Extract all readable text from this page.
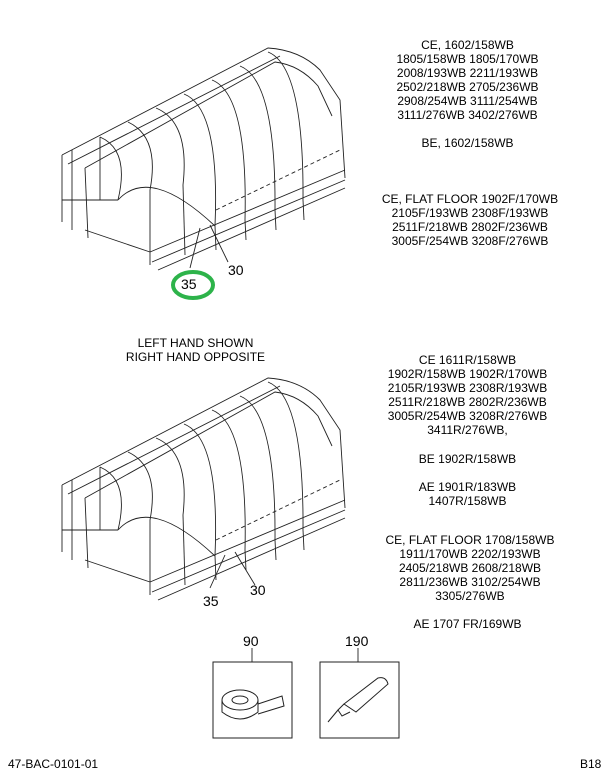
CE, 1602/158WB
1805/158WB 1805/170WB
2008/193WB 2211/193WB
2502/218WB 2705/236WB
2908/254WB 3111/254WB
3111/276WB 3402/276WB
BE, 1602/158WB
CE, FLAT FLOOR 1902F/170WB
2105F/193WB 2308F/193WB
2511F/218WB 2802F/236WB
3005F/254WB 3208F/276WB
LEFT HAND SHOWN
RIGHT HAND OPPOSITE	CE 1611R/158WB
1902R/158WB 1902R/170WB
2105R/193WB 2308R/193WB
2511R/218WB 2802R/236WB
3005R/254WB 3208R/276WB
3411R/276WB,
BE 1902R/158WB
AE 1901R/183WB
1407R/158WB
CE, FLAT FLOOR 1708/158WB
1911/170WB 2202/193WB
2405/218WB 2608/218WB
2811/236WB 3102/254WB
3305/276WB
AE 1707 FR/169WB
35
30
35
30
90	190
47-BAC-0101-01	B18
